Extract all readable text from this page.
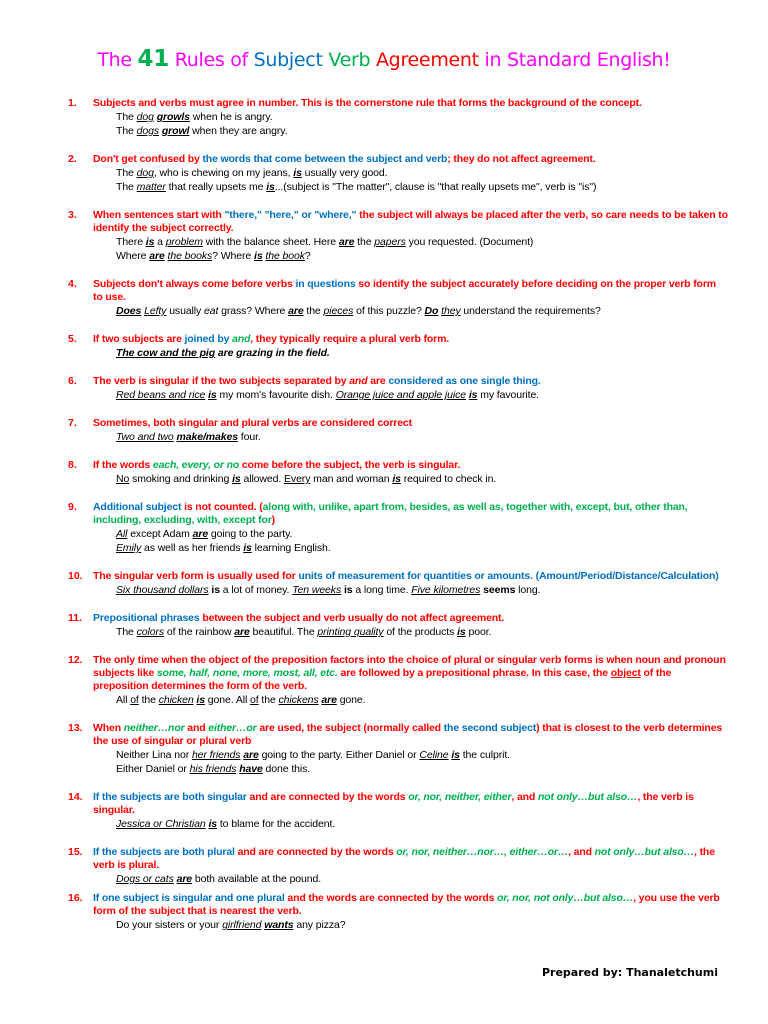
The 41 Rules of Subject Verb Agreement in Standard English!
1. Subjects and verbs must agree in number. This is the cornerstone rule that forms the background of the concept.
The dog growls when he is angry.
The dogs growl when they are angry.
2. Don't get confused by the words that come between the subject and verb; they do not affect agreement.
The dog, who is chewing on my jeans, is usually very good.
The matter that really upsets me is...(subject is "The matter", clause is "that really upsets me", verb is "is")
3. When sentences start with "there," "here," or "where," the subject will always be placed after the verb, so care needs to be taken to identify the subject correctly.
There is a problem with the balance sheet. Here are the papers you requested. (Document)
Where are the books? Where is the book?
4. Subjects don't always come before verbs in questions so identify the subject accurately before deciding on the proper verb form to use.
Does Lefty usually eat grass? Where are the pieces of this puzzle? Do they understand the requirements?
5. If two subjects are joined by and, they typically require a plural verb form.
The cow and the pig are grazing in the field.
6. The verb is singular if the two subjects separated by and are considered as one single thing.
Red beans and rice is my mom's favourite dish. Orange juice and apple juice is my favourite.
7. Sometimes, both singular and plural verbs are considered correct
Two and two make/makes four.
8. If the words each, every, or no come before the subject, the verb is singular.
No smoking and drinking is allowed. Every man and woman is required to check in.
9. Additional subject is not counted. (along with, unlike, apart from, besides, as well as, together with, except, but, other than, including, excluding, with, except for)
All except Adam are going to the party.
Emily as well as her friends is learning English.
10. The singular verb form is usually used for units of measurement for quantities or amounts. (Amount/Period/Distance/Calculation)
Six thousand dollars is a lot of money. Ten weeks is a long time. Five kilometres seems long.
11. Prepositional phrases between the subject and verb usually do not affect agreement.
The colors of the rainbow are beautiful. The printing quality of the products is poor.
12. The only time when the object of the preposition factors into the choice of plural or singular verb forms is when noun and pronoun subjects like some, half, none, more, most, all, etc. are followed by a prepositional phrase. In this case, the object of the preposition determines the form of the verb.
All of the chicken is gone. All of the chickens are gone.
13. When neither…nor and either…or are used, the subject (normally called the second subject) that is closest to the verb determines the use of singular or plural verb
Neither Lina nor her friends are going to the party. Either Daniel or Celine is the culprit.
Either Daniel or his friends have done this.
14. If the subjects are both singular and are connected by the words or, nor, neither, either, and not only…but also…, the verb is singular.
Jessica or Christian is to blame for the accident.
15. If the subjects are both plural and are connected by the words or, nor, neither…nor…, either…or…, and not only…but also…, the verb is plural.
Dogs or cats are both available at the pound.
16. If one subject is singular and one plural and the words are connected by the words or, nor, not only…but also…, you use the verb form of the subject that is nearest the verb.
Do your sisters or your girlfriend wants any pizza?
Prepared by: Thanaletchumi
